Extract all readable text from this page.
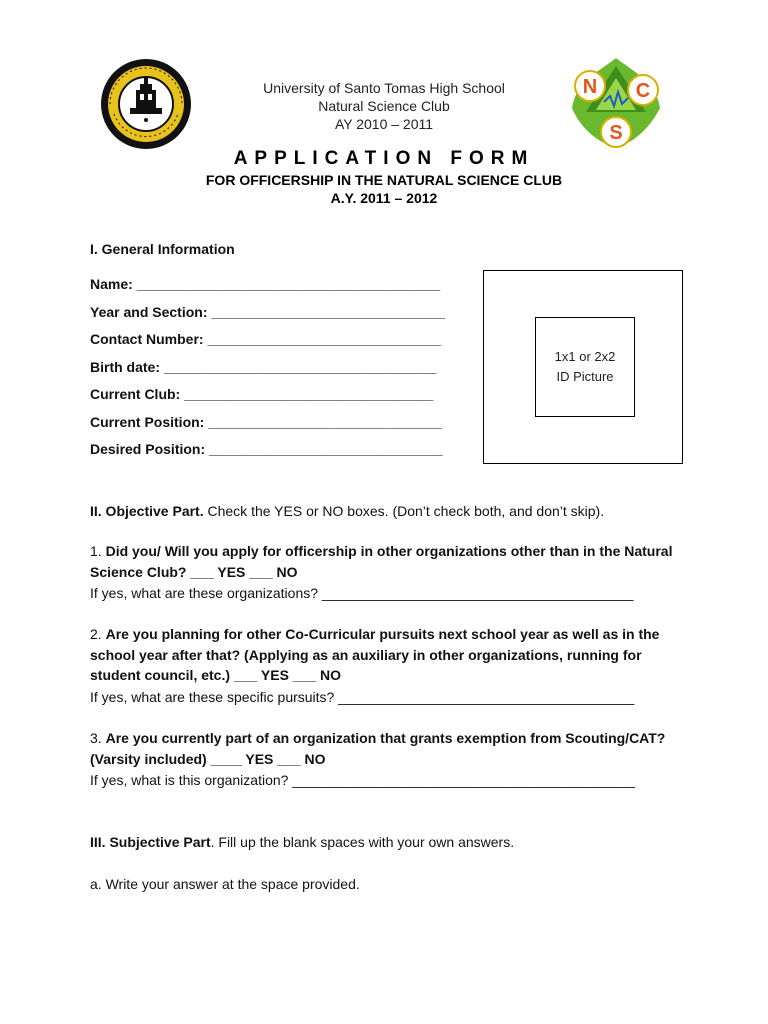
N C
S
University of Santo Tomas High School
Natural Science Club
AY 2010 – 2011
APPLICATION FORM
FOR OFFICERSHIP IN THE NATURAL SCIENCE CLUB
A.Y. 2011 – 2012
I. General Information
Name: _______________________________________
Year and Section: ______________________________
Contact Number: ______________________________
Birth date: ___________________________________
Current Club: ________________________________
Current Position: ______________________________
Desired Position: ______________________________
1x1 or 2x2
ID Picture
II. Objective Part. Check the YES or NO boxes. (Don’t check both, and don’t skip).
1. Did you/ Will you apply for officership in other organizations other than in the Natural Science Club? ___ YES ___ NO
If yes, what are these organizations? ________________________________________
2. Are you planning for other Co-Curricular pursuits next school year as well as in the school year after that? (Applying as an auxiliary in other organizations, running for student council, etc.) ___ YES ___ NO
If yes, what are these specific pursuits? ______________________________________
3. Are you currently part of an organization that grants exemption from Scouting/CAT? (Varsity included) ____ YES ___ NO
If yes, what is this organization? ____________________________________________
III. Subjective Part. Fill up the blank spaces with your own answers.
a. Write your answer at the space provided.
